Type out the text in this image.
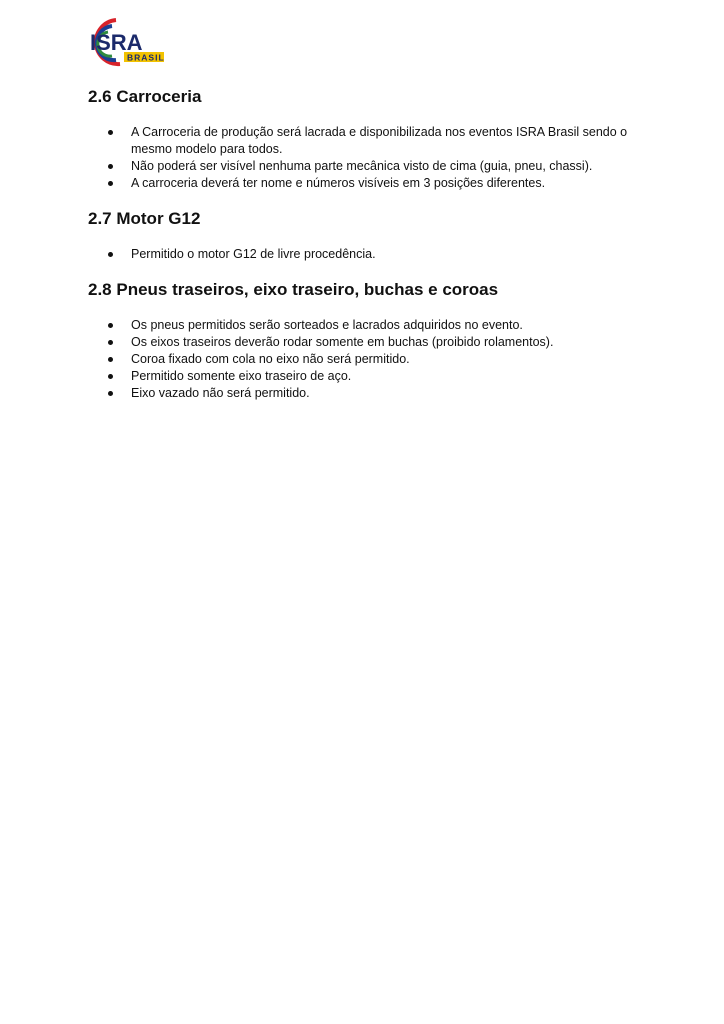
ISRA
BRASIL
2.6 Carroceria
A Carroceria de produção será lacrada e disponibilizada nos eventos ISRA Brasil sendo o mesmo modelo para todos.
Não poderá ser visível nenhuma parte mecânica visto de cima (guia, pneu, chassi).
A carroceria deverá ter nome e números visíveis em 3 posições diferentes.
2.7 Motor G12
Permitido o motor G12 de livre procedência.
2.8 Pneus traseiros, eixo traseiro, buchas e coroas
Os pneus permitidos serão sorteados e lacrados adquiridos no evento.
Os eixos traseiros deverão rodar somente em buchas (proibido rolamentos).
Coroa fixado com cola no eixo não será permitido.
Permitido somente eixo traseiro de aço.
Eixo vazado não será permitido.
